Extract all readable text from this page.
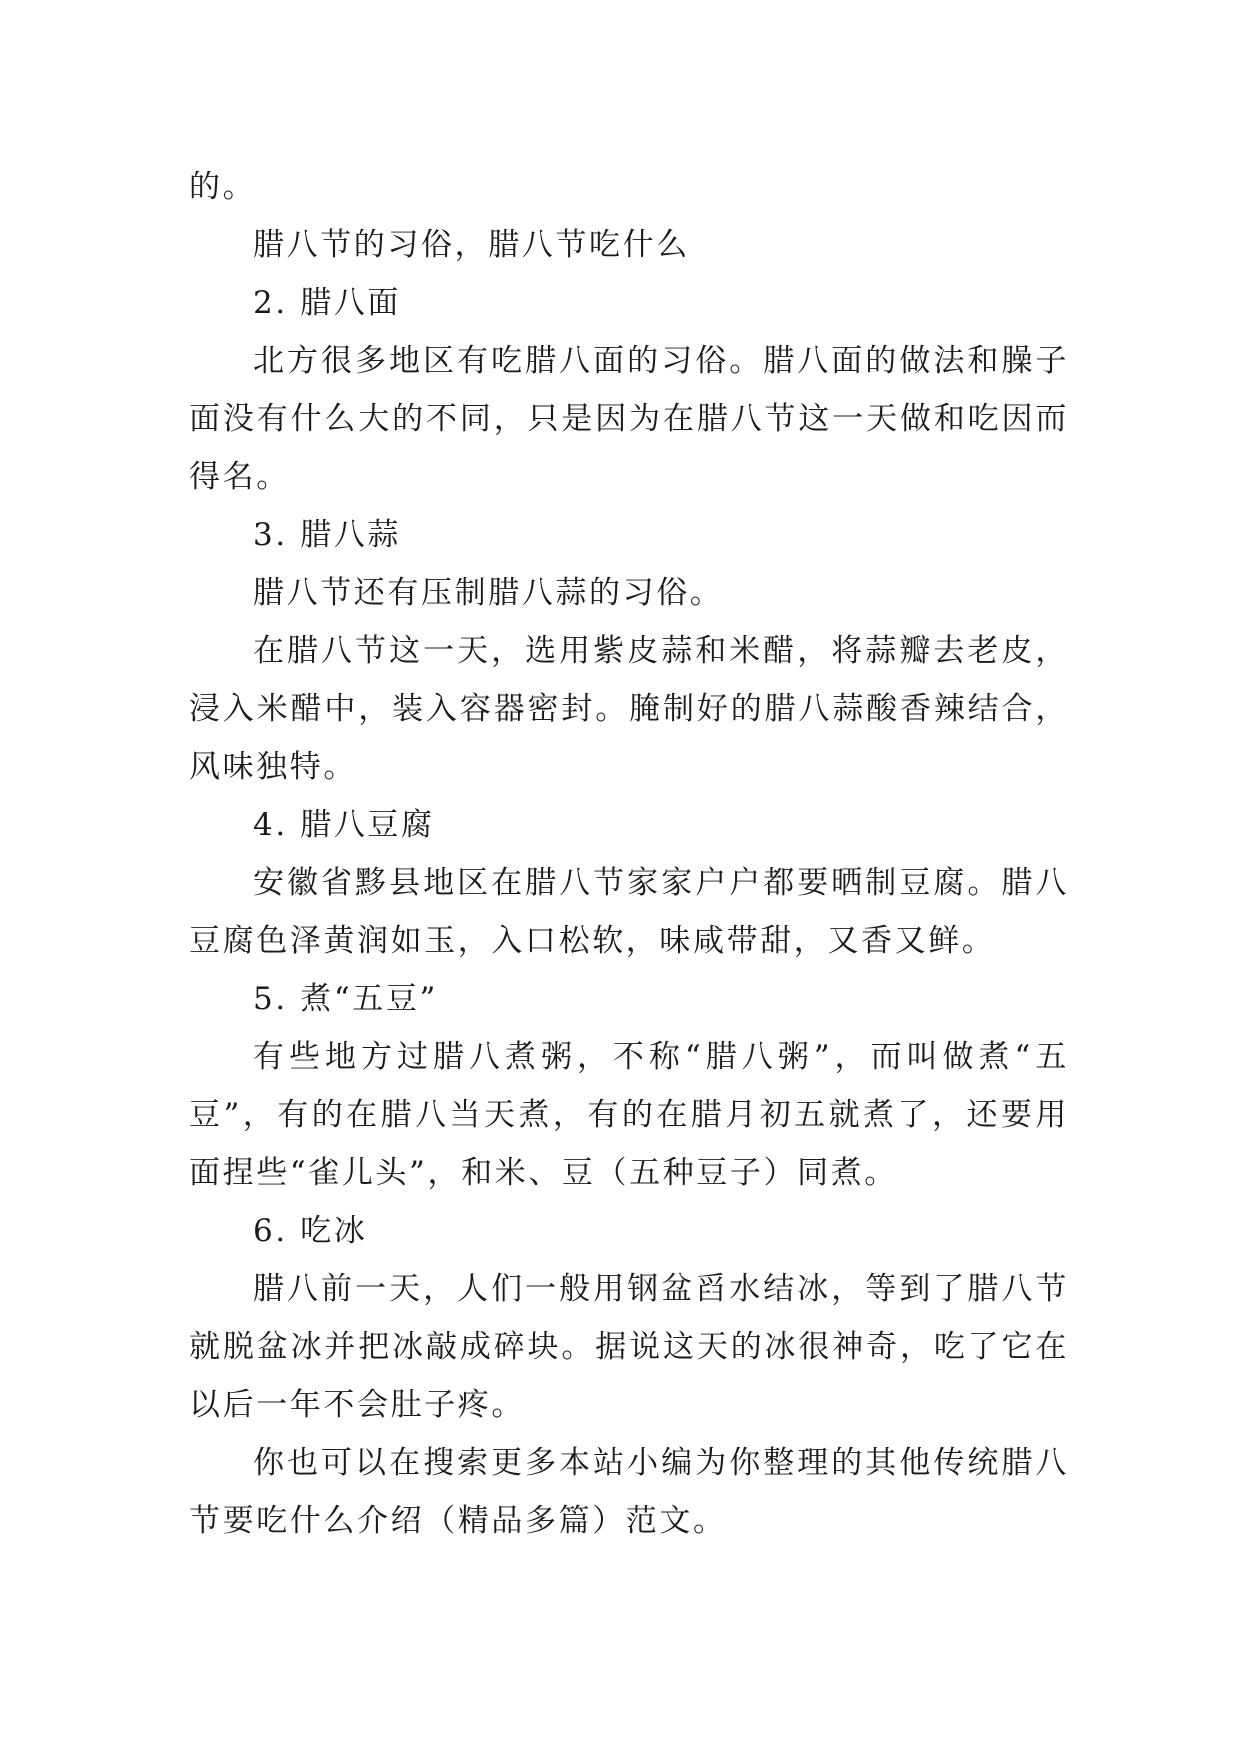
的。

腊八节的习俗，腊八节吃什么

2. 腊八面

北方很多地区有吃腊八面的习俗。腊八面的做法和臊子面没有什么大的不同，只是因为在腊八节这一天做和吃因而得名。

3. 腊八蒜

腊八节还有压制腊八蒜的习俗。

在腊八节这一天，选用紫皮蒜和米醋，将蒜瓣去老皮，浸入米醋中，装入容器密封。腌制好的腊八蒜酸香辣结合，风味独特。

4. 腊八豆腐

安徽省黟县地区在腊八节家家户户都要晒制豆腐。腊八豆腐色泽黄润如玉，入口松软，味咸带甜，又香又鲜。

5. 煮“五豆”

有些地方过腊八煮粥，不称“腊八粥”，而叫做煮“五豆”，有的在腊八当天煮，有的在腊月初五就煮了，还要用面捏些“雀儿头”，和米、豆（五种豆子）同煮。

6. 吃冰

腊八前一天，人们一般用钢盆舀水结冰，等到了腊八节就脱盆冰并把冰敲成碎块。据说这天的冰很神奇，吃了它在以后一年不会肚子疼。

你也可以在搜索更多本站小编为你整理的其他传统腊八节要吃什么介绍（精品多篇）范文。
